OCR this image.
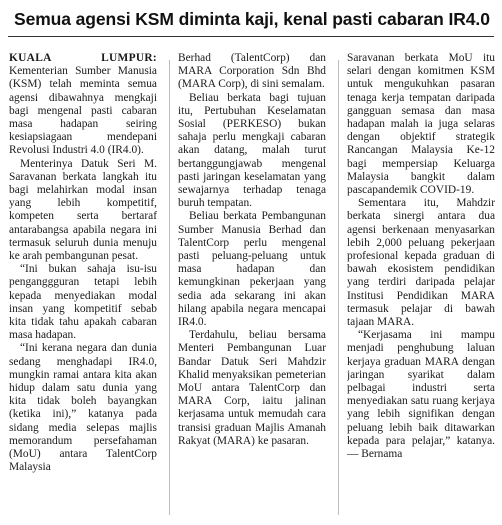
Semua agensi KSM diminta kaji, kenal pasti cabaran IR4.0

KUALA LUMPUR: Kementerian Sumber Manusia (KSM) telah meminta semua agensi dibawahnya mengkaji bagi mengenal pasti cabaran masa hadapan seiring kesiapsiagaan mendepani Revolusi Industri 4.0 (IR4.0).

Menterinya Datuk Seri M. Saravanan berkata langkah itu bagi melahirkan modal insan yang lebih kompetitif, kompeten serta bertaraf antarabangsa apabila negara ini termasuk seluruh dunia menuju ke arah pembangunan pesat.

“Ini bukan sahaja isu-isu penganggguran tetapi lebih kepada menyediakan modal insan yang kompetitif sebab kita tidak tahu apakah cabaran masa hadapan.

“Ini kerana negara dan dunia sedang menghadapi IR4.0, mungkin ramai antara kita akan hidup dalam satu dunia yang kita tidak boleh bayangkan (ketika ini),” katanya pada sidang media selepas majlis memorandum persefahaman (MoU) antara TalentCorp Malaysia

Berhad (TalentCorp) dan MARA Corporation Sdn Bhd (MARA Corp), di sini semalam.

Beliau berkata bagi tujuan itu, Pertubuhan Keselamatan Sosial (PERKESO) bukan sahaja perlu mengkaji cabaran akan datang, malah turut bertanggungjawab mengenal pasti jaringan keselamatan yang sewajarnya terhadap tenaga buruh tempatan.

Beliau berkata Pembangunan Sumber Manusia Berhad dan TalentCorp perlu mengenal pasti peluang-peluang untuk masa hadapan dan kemungkinan pekerjaan yang sedia ada sekarang ini akan hilang apabila negara mencapai IR4.0.

Terdahulu, beliau bersama Menteri Pembangunan Luar Bandar Datuk Seri Mahdzir Khalid menyaksikan pemeterian MoU antara TalentCorp dan MARA Corp, iaitu jalinan kerjasama untuk memudah cara transisi graduan Majlis Amanah Rakyat (MARA) ke pasaran.

Saravanan berkata MoU itu selari dengan komitmen KSM untuk mengukuhkan pasaran tenaga kerja tempatan daripada gangguan semasa dan masa hadapan malah ia juga selaras dengan objektif strategik Rancangan Malaysia Ke-12 bagi mempersiap Keluarga Malaysia bangkit dalam pascapandemik COVID-19.

Sementara itu, Mahdzir berkata sinergi antara dua agensi berkenaan menyasarkan lebih 2,000 peluang pekerjaan profesional kepada graduan di bawah ekosistem pendidikan yang terdiri daripada pelajar Institusi Pendidikan MARA termasuk pelajar di bawah tajaan MARA.

“Kerjasama ini mampu menjadi penghubung laluan kerjaya graduan MARA dengan jaringan syarikat dalam pelbagai industri serta menyediakan satu ruang kerjaya yang lebih signifikan dengan peluang lebih baik ditawarkan kepada para pelajar,” katanya. — Bernama
